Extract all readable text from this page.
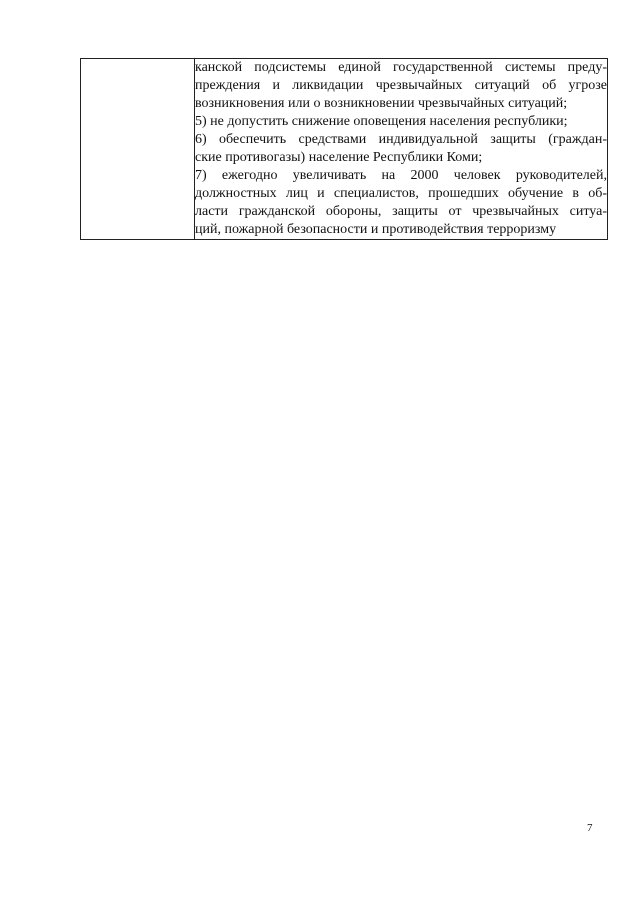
канской подсистемы единой государственной системы преду-
преждения и ликвидации чрезвычайных ситуаций об угрозе
возникновения или о возникновении чрезвычайных ситуаций;
5) не допустить снижение оповещения населения республики;
6) обеспечить средствами индивидуальной защиты (граждан-
ские противогазы) население Республики Коми;
7) ежегодно увеличивать на 2000 человек руководителей,
должностных лиц и специалистов, прошедших обучение в об-
ласти гражданской обороны, защиты от чрезвычайных ситуа-
ций, пожарной безопасности и противодействия терроризму
7
